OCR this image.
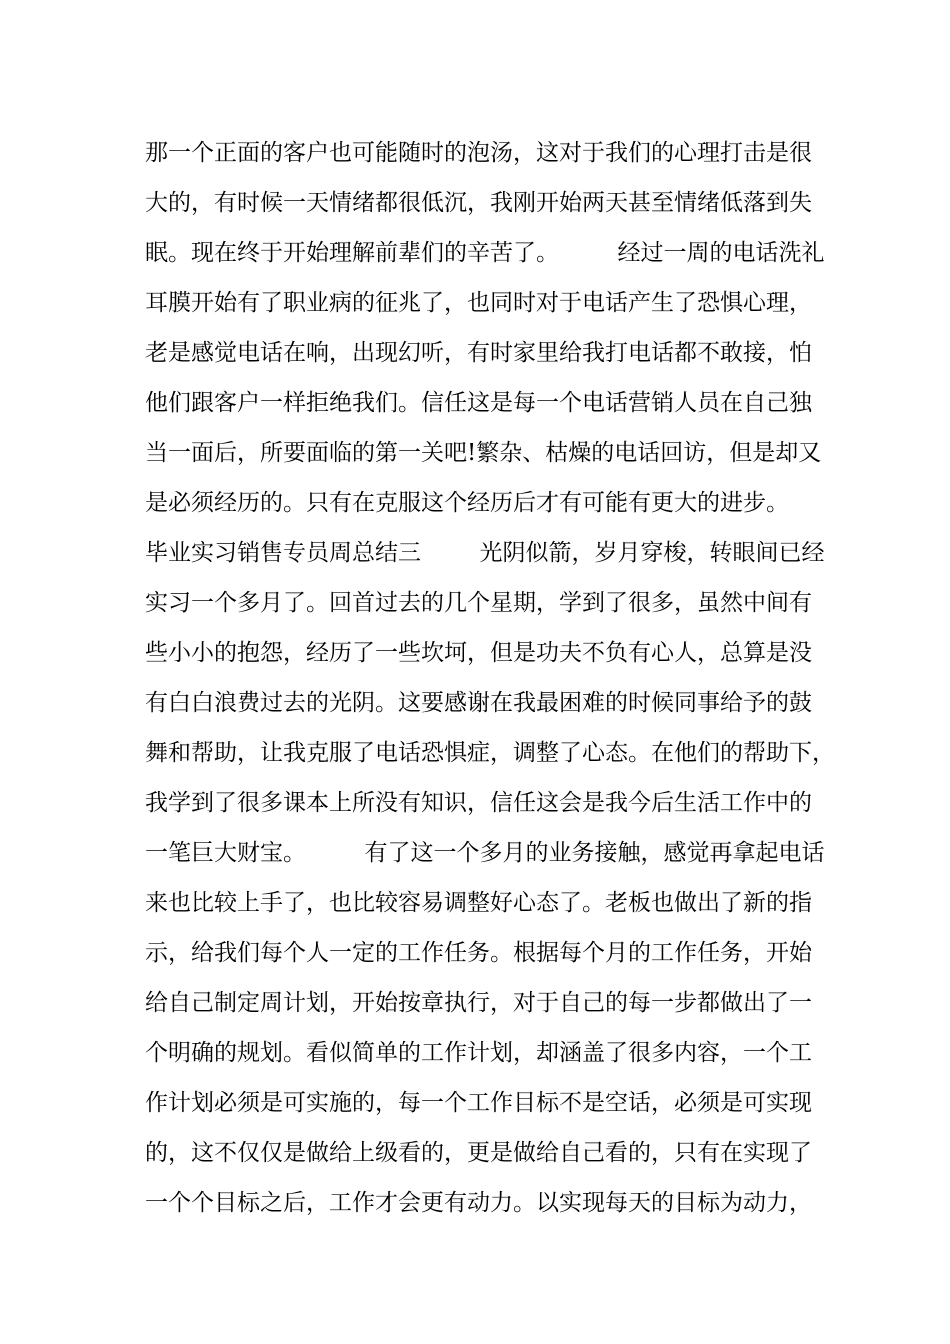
那一个正面的客户也可能随时的泡汤，这对于我们的心理打击是很
大的，有时候一天情绪都很低沉，我刚开始两天甚至情绪低落到失
眠。现在终于开始理解前辈们的辛苦了。        经过一周的电话洗礼
耳膜开始有了职业病的征兆了，也同时对于电话产生了恐惧心理，
老是感觉电话在响，出现幻听，有时家里给我打电话都不敢接，怕
他们跟客户一样拒绝我们。信任这是每一个电话营销人员在自己独
当一面后，所要面临的第一关吧!繁杂、枯燥的电话回访，但是却又
是必须经历的。只有在克服这个经历后才有可能有更大的进步。
毕业实习销售专员周总结三        光阴似箭，岁月穿梭，转眼间已经
实习一个多月了。回首过去的几个星期，学到了很多，虽然中间有
些小小的抱怨，经历了一些坎坷，但是功夫不负有心人，总算是没
有白白浪费过去的光阴。这要感谢在我最困难的时候同事给予的鼓
舞和帮助，让我克服了电话恐惧症，调整了心态。在他们的帮助下，
我学到了很多课本上所没有知识，信任这会是我今后生活工作中的
一笔巨大财宝。        有了这一个多月的业务接触，感觉再拿起电话
来也比较上手了，也比较容易调整好心态了。老板也做出了新的指
示，给我们每个人一定的工作任务。根据每个月的工作任务，开始
给自己制定周计划，开始按章执行，对于自己的每一步都做出了一
个明确的规划。看似简单的工作计划，却涵盖了很多内容，一个工
作计划必须是可实施的，每一个工作目标不是空话，必须是可实现
的，这不仅仅是做给上级看的，更是做给自己看的，只有在实现了
一个个目标之后，工作才会更有动力。以实现每天的目标为动力，
